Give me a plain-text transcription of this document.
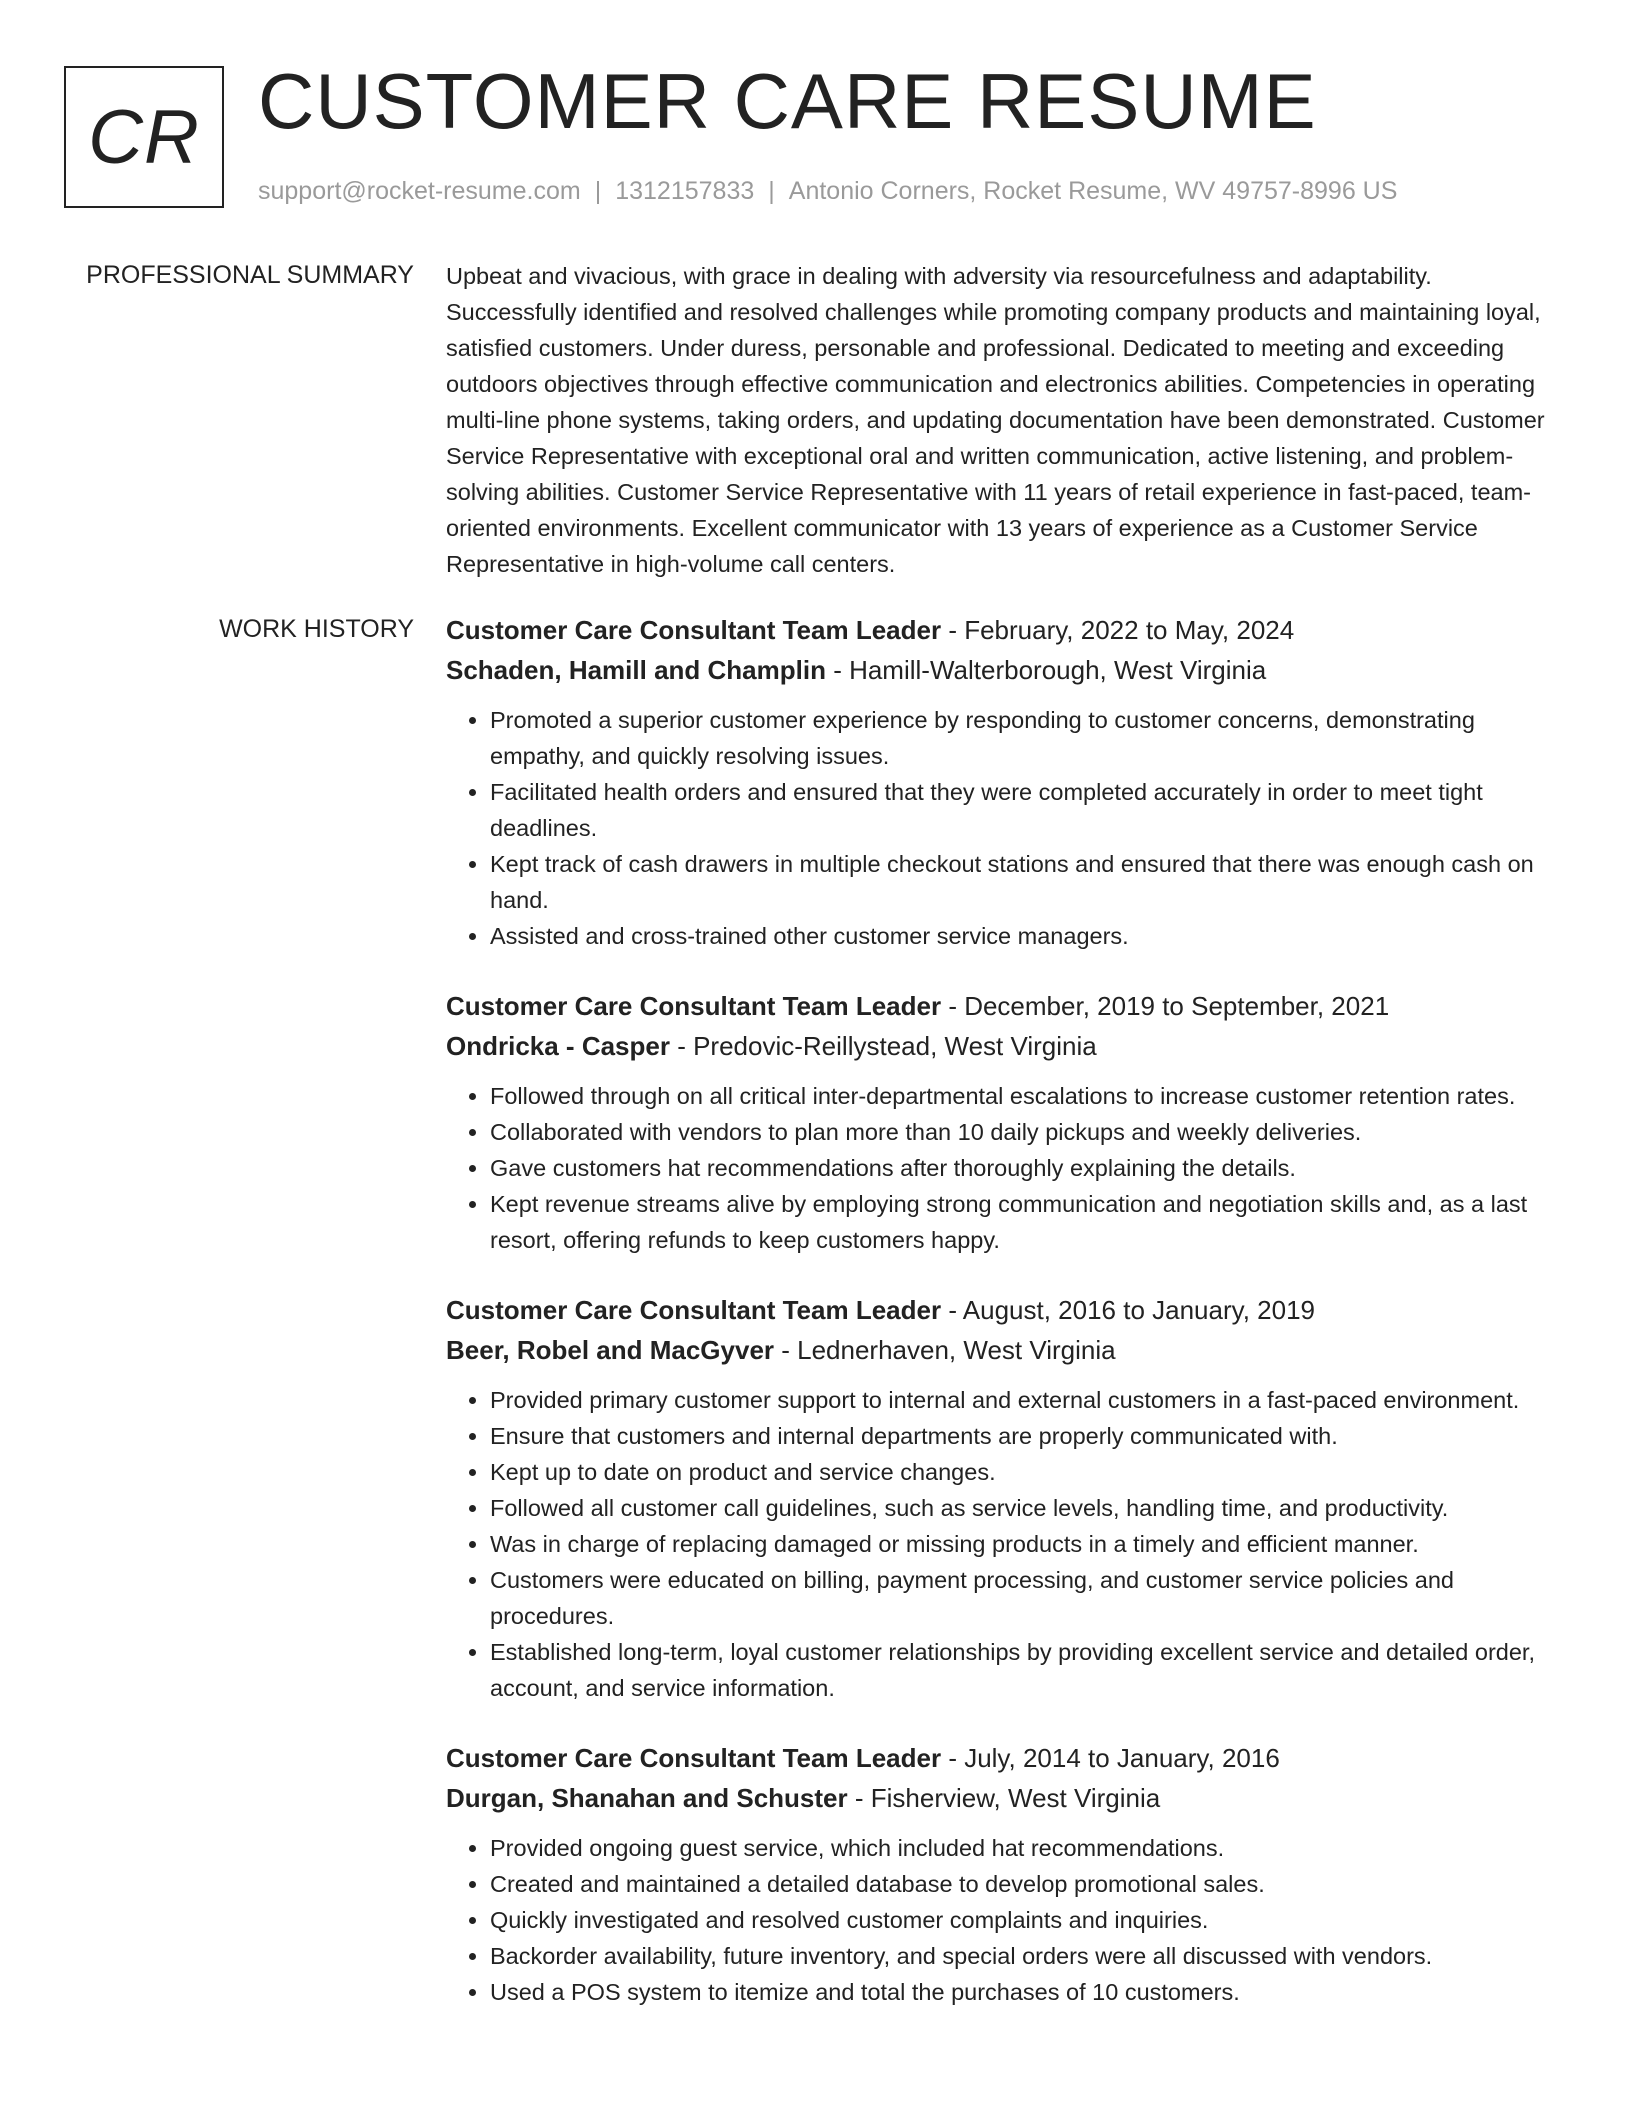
CR CUSTOMER CARE RESUME
support@rocket-resume.com | 1312157833 | Antonio Corners, Rocket Resume, WV 49757-8996 US
PROFESSIONAL SUMMARY Upbeat and vivacious, with grace in dealing with adversity via resourcefulness and adaptability. Successfully identified and resolved challenges while promoting company products and maintaining loyal, satisfied customers. Under duress, personable and professional. Dedicated to meeting and exceeding outdoors objectives through effective communication and electronics abilities. Competencies in operating multi-line phone systems, taking orders, and updating documentation have been demonstrated. Customer Service Representative with exceptional oral and written communication, active listening, and problem-solving abilities. Customer Service Representative with 11 years of retail experience in fast-paced, team-oriented environments. Excellent communicator with 13 years of experience as a Customer Service Representative in high-volume call centers.

WORK HISTORY Customer Care Consultant Team Leader - February, 2022 to May, 2024
Schaden, Hamill and Champlin - Hamill-Walterborough, West Virginia
• Promoted a superior customer experience by responding to customer concerns, demonstrating empathy, and quickly resolving issues.
• Facilitated health orders and ensured that they were completed accurately in order to meet tight deadlines.
• Kept track of cash drawers in multiple checkout stations and ensured that there was enough cash on hand.
• Assisted and cross-trained other customer service managers.
Customer Care Consultant Team Leader - December, 2019 to September, 2021
Ondricka - Casper - Predovic-Reillystead, West Virginia
• Followed through on all critical inter-departmental escalations to increase customer retention rates.
• Collaborated with vendors to plan more than 10 daily pickups and weekly deliveries.
• Gave customers hat recommendations after thoroughly explaining the details.
• Kept revenue streams alive by employing strong communication and negotiation skills and, as a last resort, offering refunds to keep customers happy.
Customer Care Consultant Team Leader - August, 2016 to January, 2019
Beer, Robel and MacGyver - Lednerhaven, West Virginia
• Provided primary customer support to internal and external customers in a fast-paced environment.
• Ensure that customers and internal departments are properly communicated with.
• Kept up to date on product and service changes.
• Followed all customer call guidelines, such as service levels, handling time, and productivity.
• Was in charge of replacing damaged or missing products in a timely and efficient manner.
• Customers were educated on billing, payment processing, and customer service policies and procedures.
• Established long-term, loyal customer relationships by providing excellent service and detailed order, account, and service information.
Customer Care Consultant Team Leader - July, 2014 to January, 2016
Durgan, Shanahan and Schuster - Fisherview, West Virginia
• Provided ongoing guest service, which included hat recommendations.
• Created and maintained a detailed database to develop promotional sales.
• Quickly investigated and resolved customer complaints and inquiries.
• Backorder availability, future inventory, and special orders were all discussed with vendors.
• Used a POS system to itemize and total the purchases of 10 customers.
